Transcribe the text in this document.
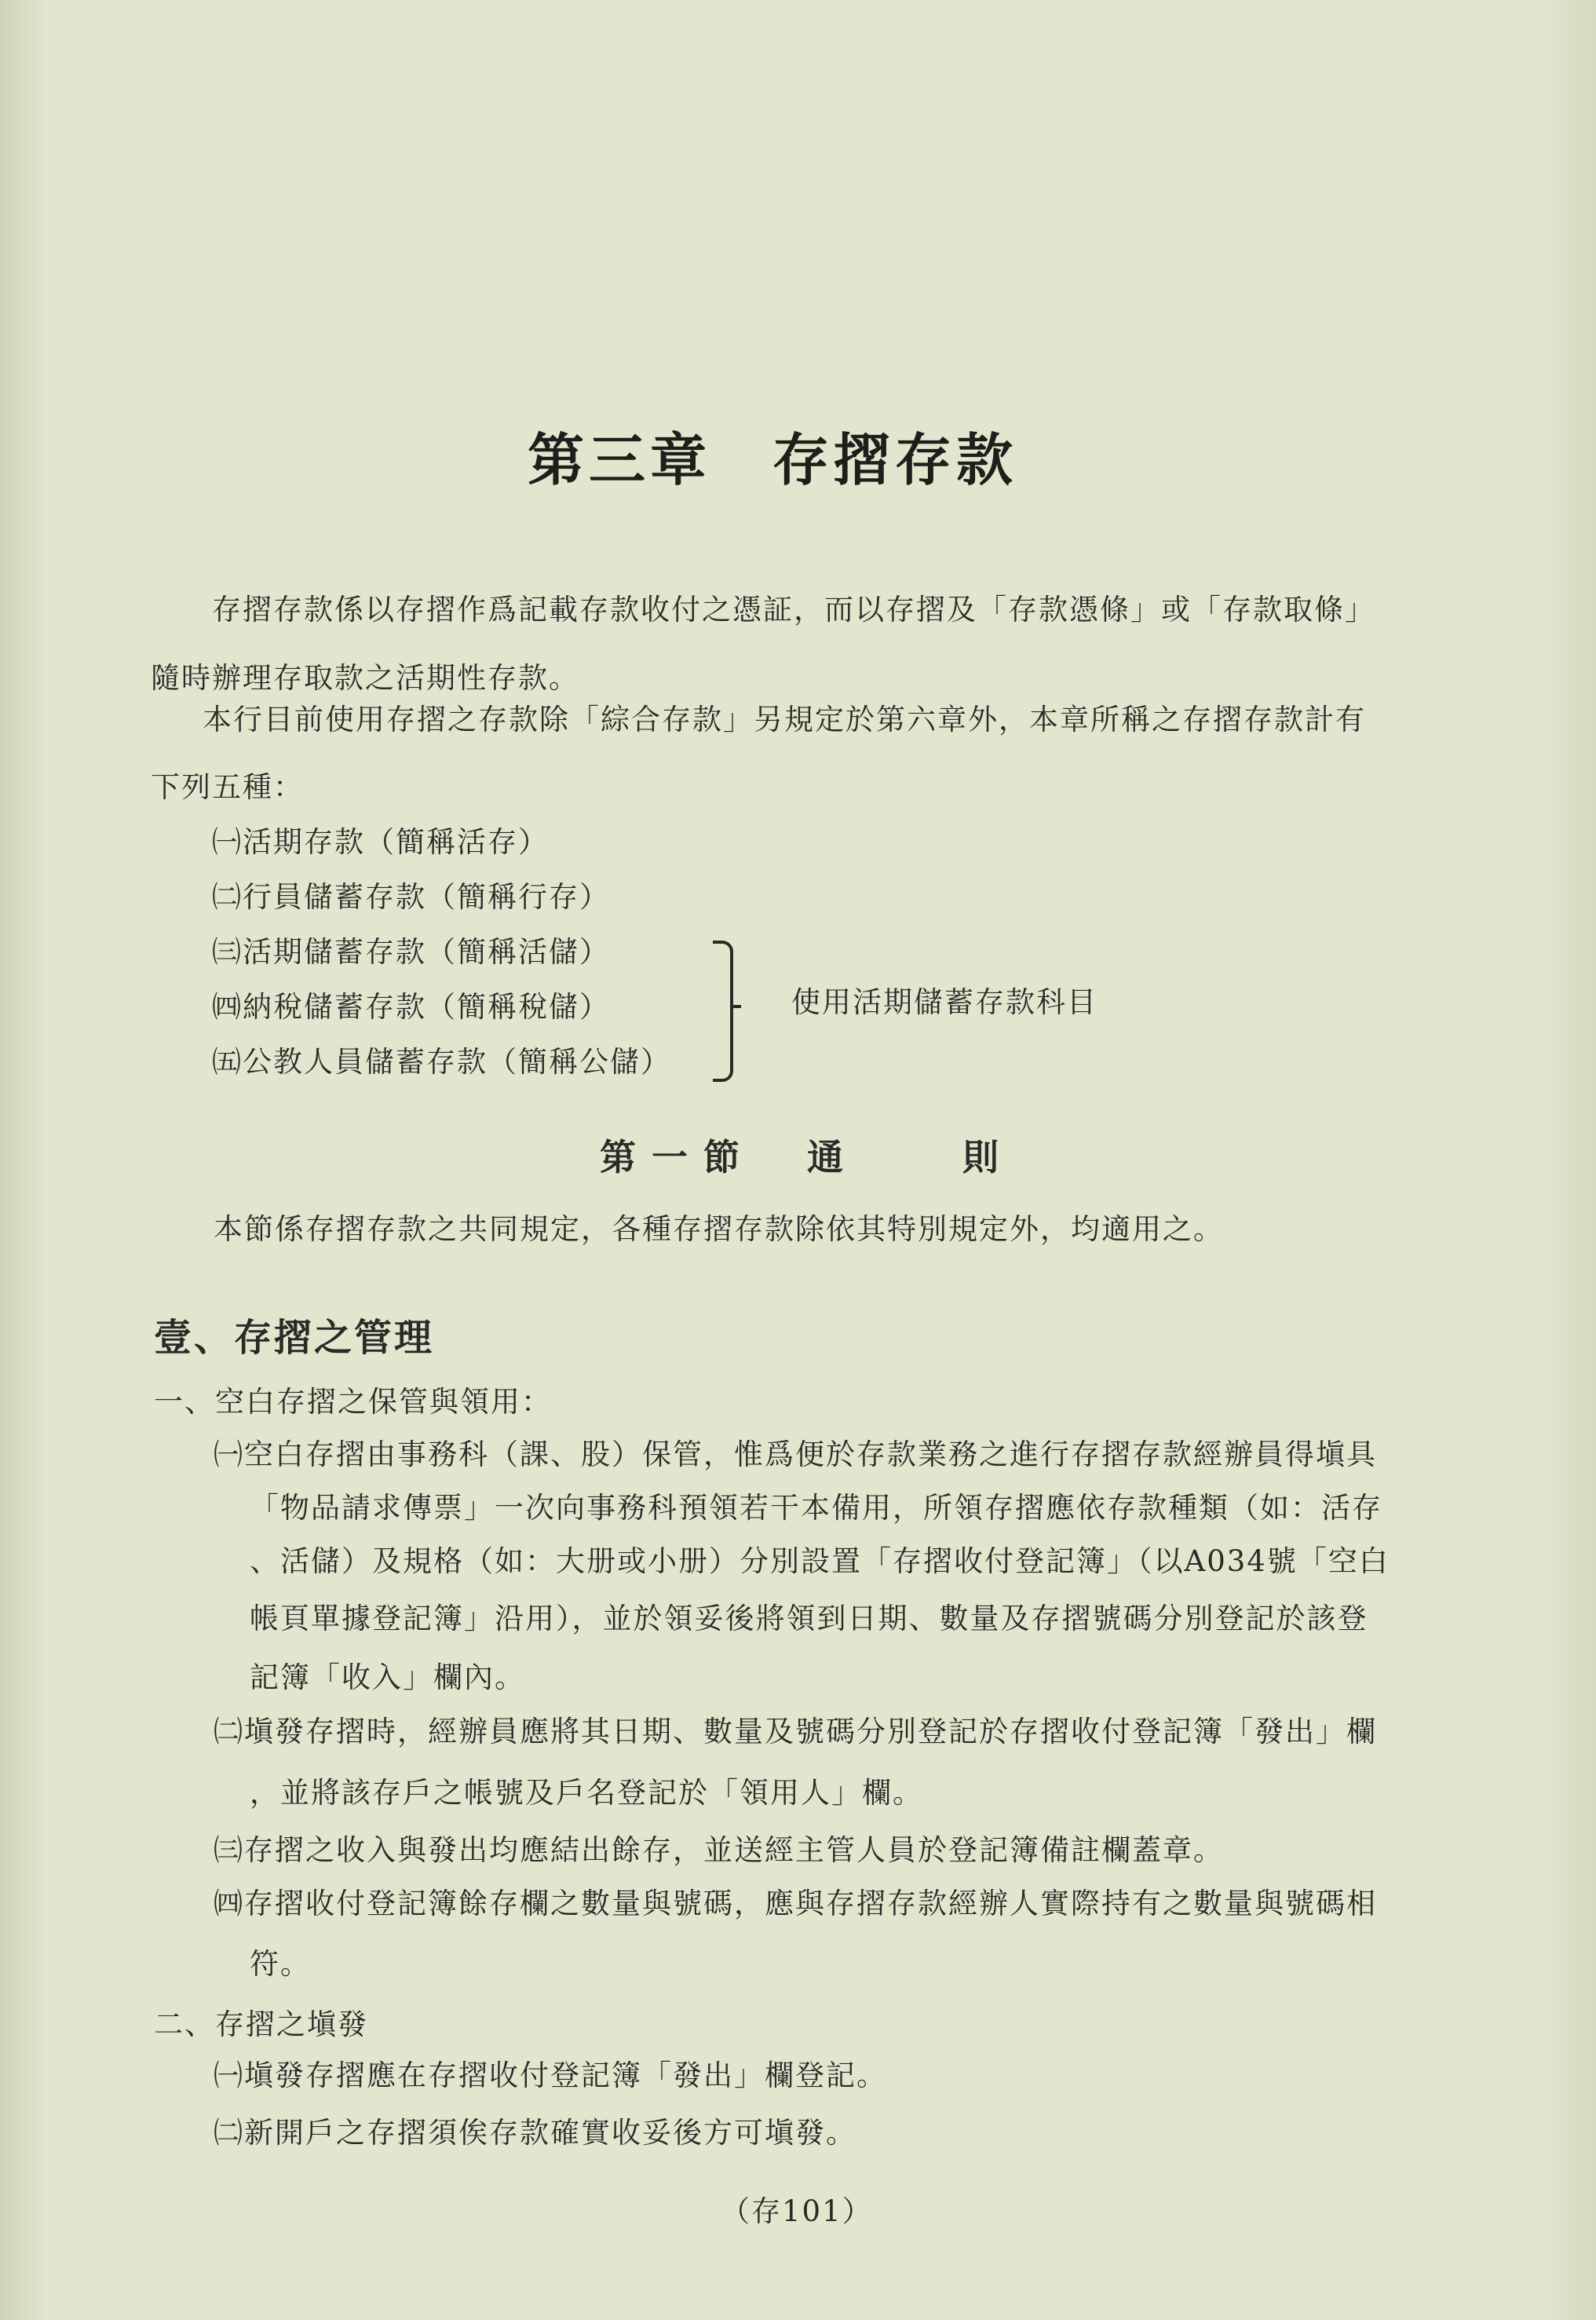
第三章　存摺存款
存摺存款係以存摺作爲記載存款收付之憑証，而以存摺及「存款憑條」或「存款取條」
隨時辦理存取款之活期性存款。
本行目前使用存摺之存款除「綜合存款」另規定於第六章外，本章所稱之存摺存款計有
下列五種：
㈠活期存款（簡稱活存）
㈡行員儲蓄存款（簡稱行存）
㈢活期儲蓄存款（簡稱活儲）
㈣納稅儲蓄存款（簡稱稅儲）
㈤公教人員儲蓄存款（簡稱公儲）
使用活期儲蓄存款科目
第一節　通　　則
本節係存摺存款之共同規定，各種存摺存款除依其特別規定外，均適用之。
壹、存摺之管理
一、空白存摺之保管與領用：
㈠空白存摺由事務科（課、股）保管，惟爲便於存款業務之進行存摺存款經辦員得塡具
「物品請求傳票」一次向事務科預領若干本備用，所領存摺應依存款種類（如：活存
、活儲）及規格（如：大册或小册）分別設置「存摺收付登記簿」（以A034號「空白
帳頁單據登記簿」沿用），並於領妥後將領到日期、數量及存摺號碼分別登記於該登
記簿「收入」欄內。
㈡塡發存摺時，經辦員應將其日期、數量及號碼分別登記於存摺收付登記簿「發出」欄
，並將該存戶之帳號及戶名登記於「領用人」欄。
㈢存摺之收入與發出均應結出餘存，並送經主管人員於登記簿備註欄蓋章。
㈣存摺收付登記簿餘存欄之數量與號碼，應與存摺存款經辦人實際持有之數量與號碼相
符。
二、存摺之塡發
㈠塡發存摺應在存摺收付登記簿「發出」欄登記。
㈡新開戶之存摺須俟存款確實收妥後方可塡發。
（存101）
